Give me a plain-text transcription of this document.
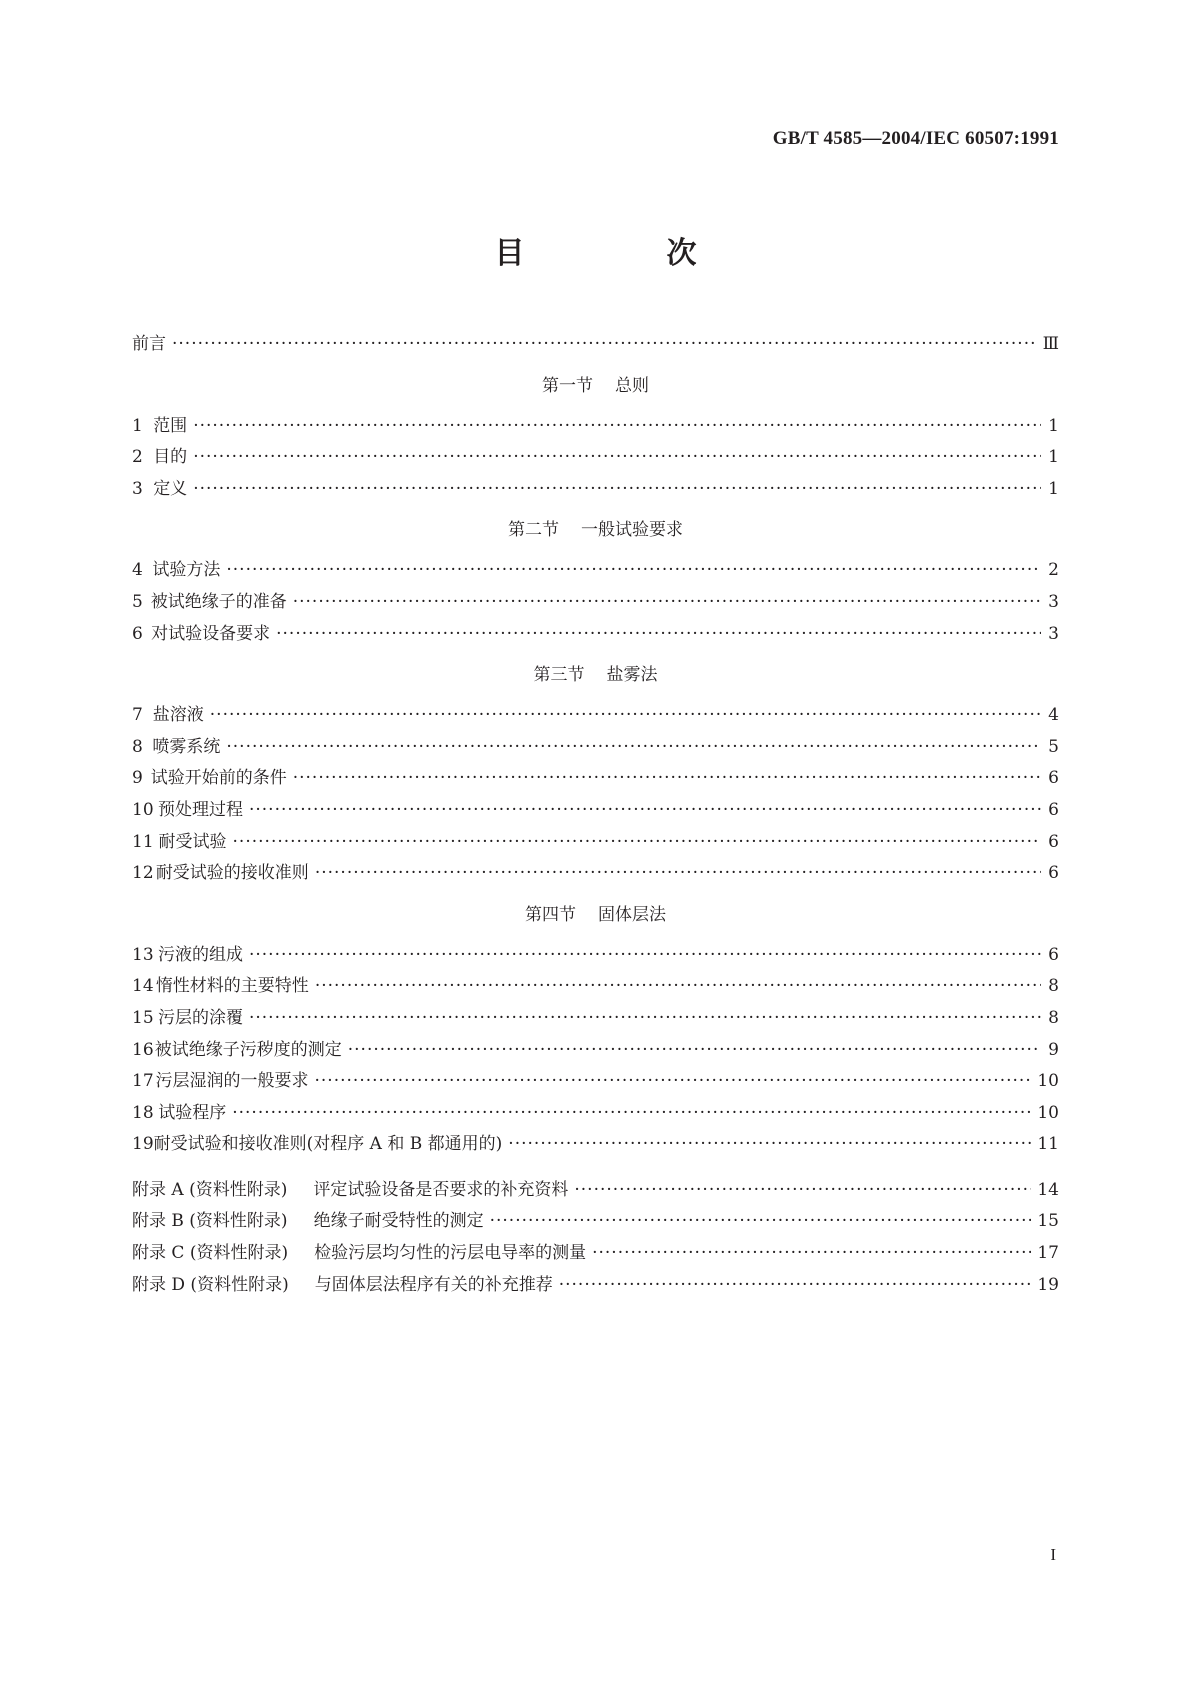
GB/T 4585—2004/IEC 60507:1991
目　次
前言 ·····	Ⅲ
第一节 总则
1 范围 ·····	1
2 目的 ·····	1
3 定义 ·····	1
第二节 一般试验要求
4 试验方法 ·····	2
5 被试绝缘子的准备 ·····	3
6 对试验设备要求 ·····	3
第三节 盐雾法
7 盐溶液 ·····	4
8 喷雾系统 ·····	5
9 试验开始前的条件 ·····	6
10 预处理过程 ·····	6
11 耐受试验 ·····	6
12 耐受试验的接收准则 ·····	6
第四节 固体层法
13 污液的组成 ·····	6
14 惰性材料的主要特性 ·····	8
15 污层的涂覆 ·····	8
16 被试绝缘子污秽度的测定 ·····	9
17 污层湿润的一般要求 ·····	10
18 试验程序 ·····	10
19 耐受试验和接收准则(对程序 A 和 B 都通用的) ·····	11
附录 A (资料性附录) 评定试验设备是否要求的补充资料 ·····	14
附录 B (资料性附录) 绝缘子耐受特性的测定 ·····	15
附录 C (资料性附录) 检验污层均匀性的污层电导率的测量 ·····	17
附录 D (资料性附录) 与固体层法程序有关的补充推荐 ·····	19
I
